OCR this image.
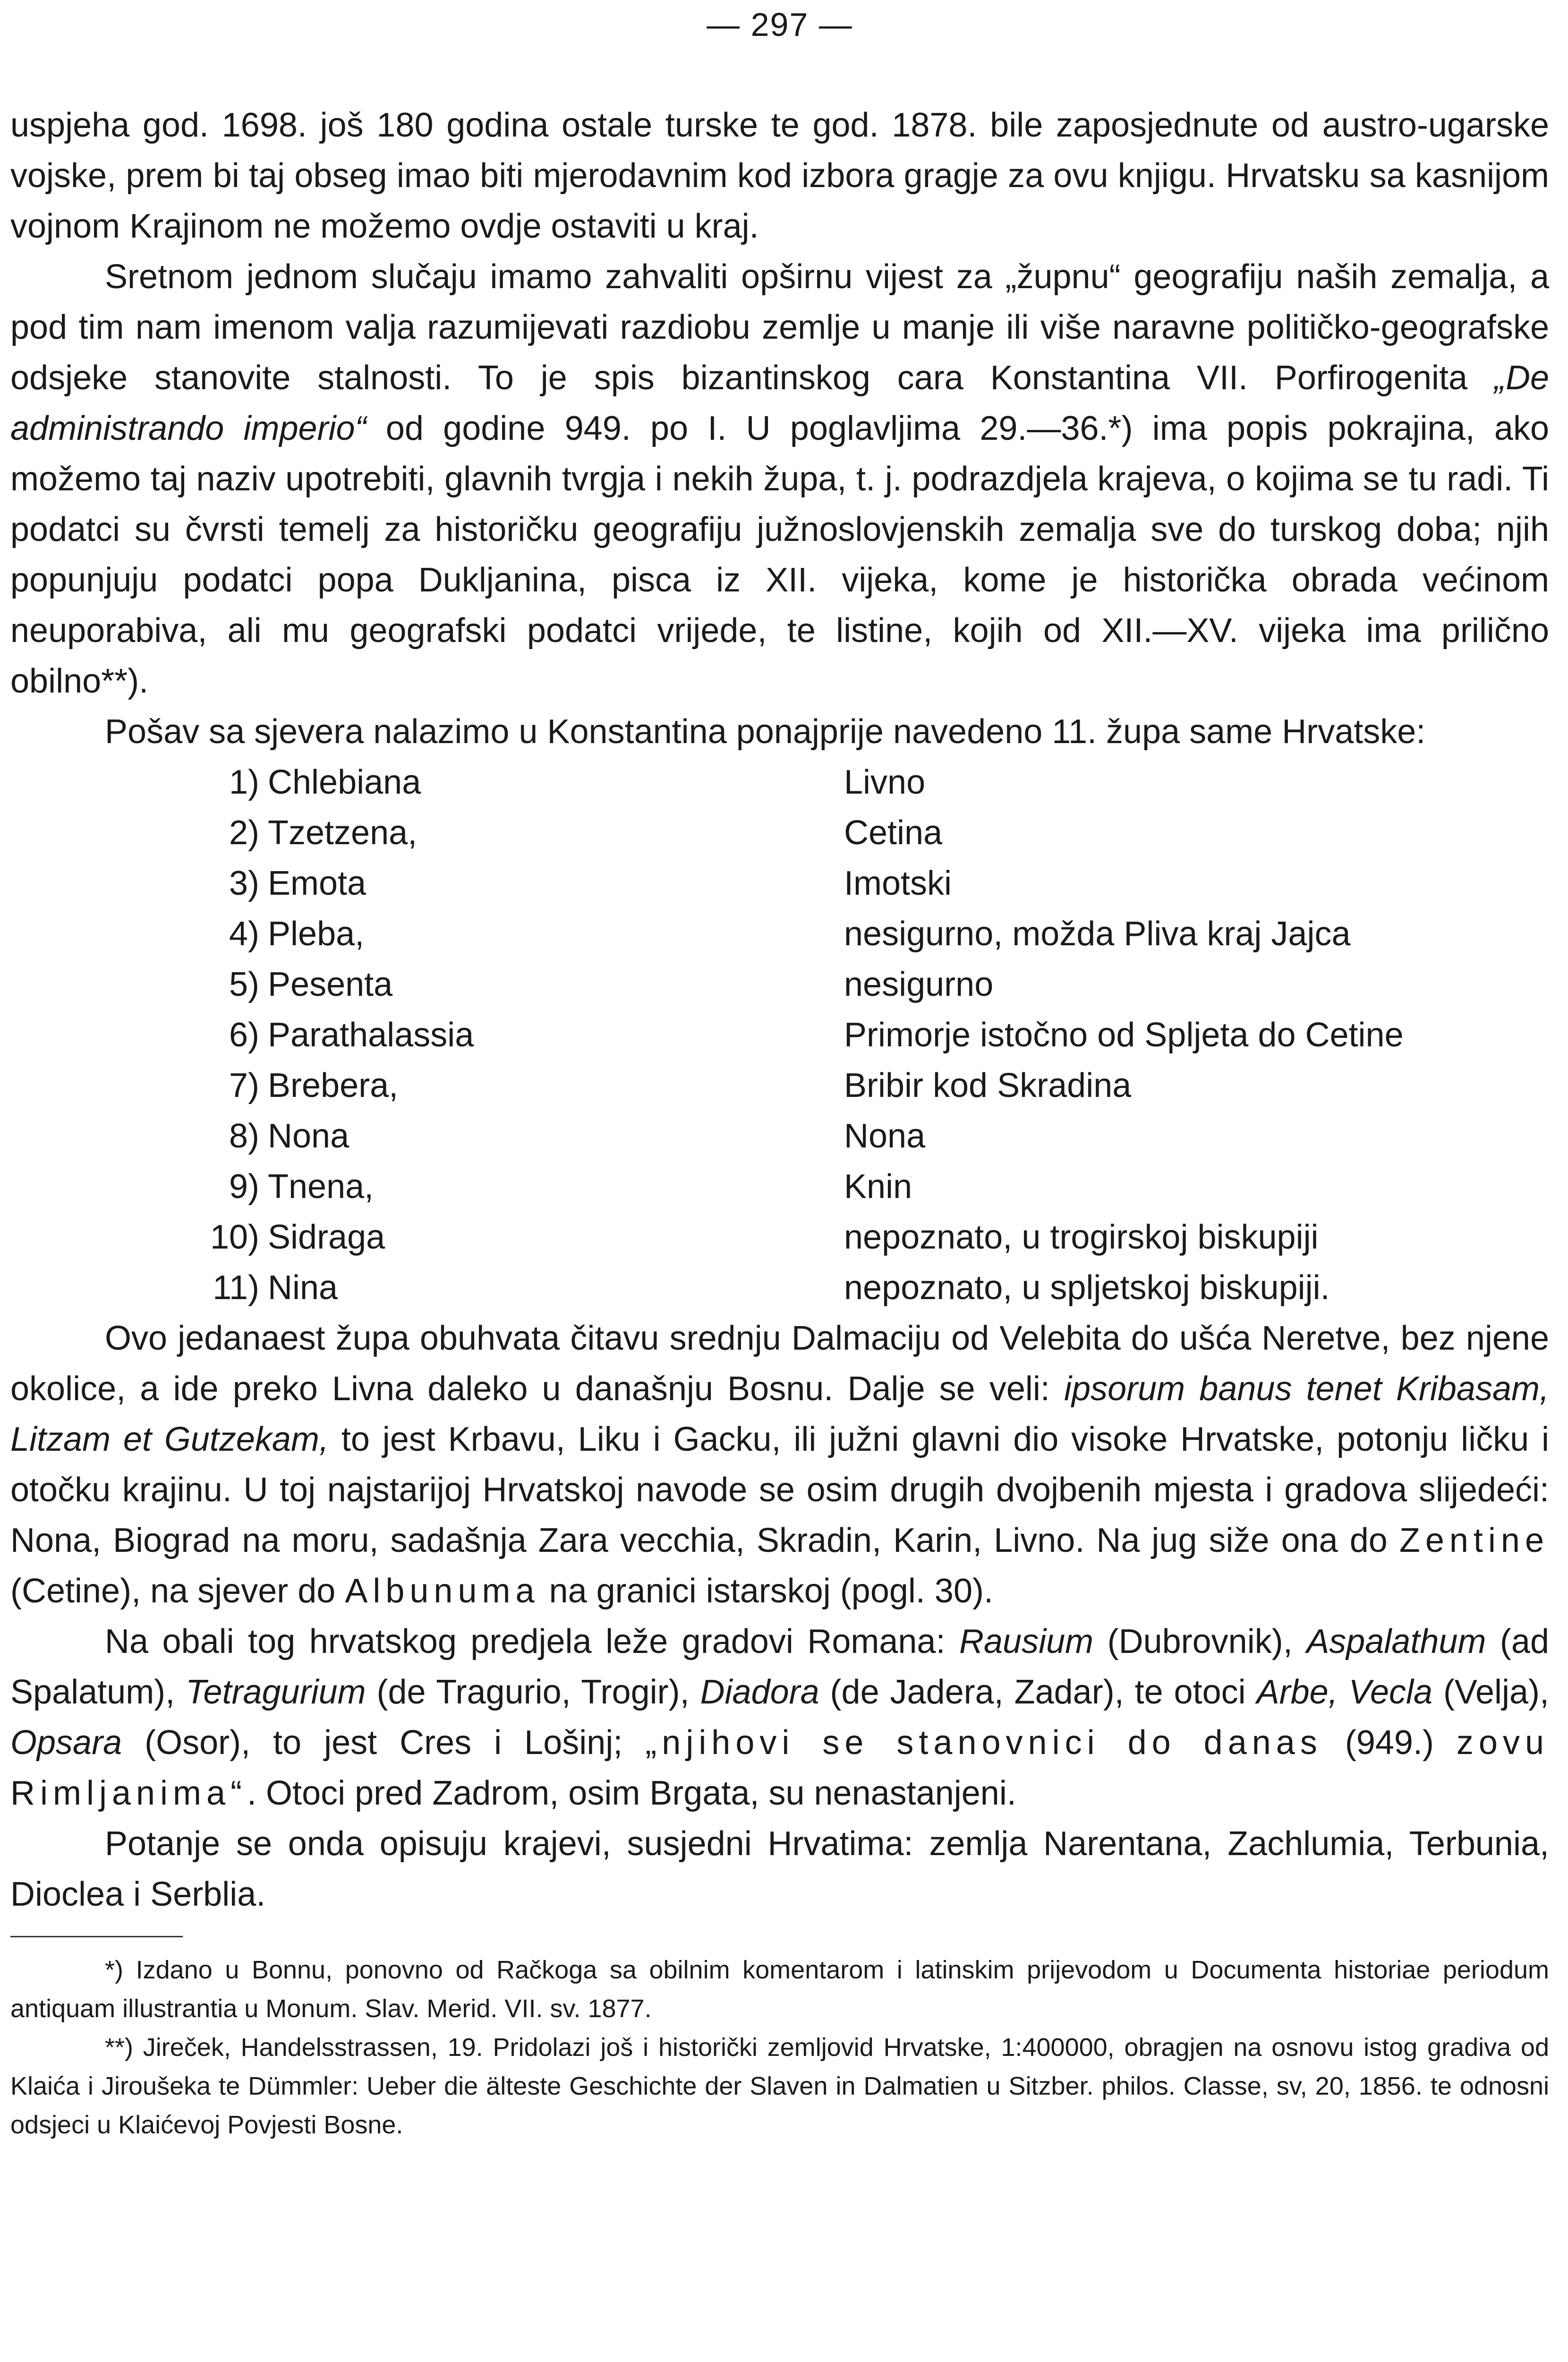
— 297 —

uspjeha god. 1698. još 180 godina ostale turske te god. 1878. bile zaposjednute od austro-ugarske vojske, prem bi taj obseg imao biti mjerodavnim kod izbora gragje za ovu knjigu. Hrvatsku sa kasnijom vojnom Krajinom ne možemo ovdje ostaviti u kraj.

Sretnom jednom slučaju imamo zahvaliti opširnu vijest za „župnu“ geografiju naših zemalja, a pod tim nam imenom valja razumijevati razdiobu zemlje u manje ili više naravne političko-geografske odsjeke stanovite stalnosti. To je spis bizantinskog cara Konstantina VII. Porfirogenita „De administrando imperio“ od godine 949. po I. U poglavljima 29.—36.*) ima popis pokrajina, ako možemo taj naziv upotrebiti, glavnih tvrgja i nekih župa, t. j. podrazdjela krajeva, o kojima se tu radi. Ti podatci su čvrsti temelj za historičku geografiju južnoslovjenskih zemalja sve do turskog doba; njih popunjuju podatci popa Dukljanina, pisca iz XII. vijeka, kome je historička obrada većinom neuporabiva, ali mu geografski podatci vrijede, te listine, kojih od XII.—XV. vijeka ima prilično obilno**).

Pošav sa sjevera nalazimo u Konstantina ponajprije navedeno 11. župa same Hrvatske:

1) Chlebiana	Livno
2) Tzetzena,	Cetina
3) Emota	Imotski
4) Pleba,	nesigurno, možda Pliva kraj Jajca
5) Pesenta	nesigurno
6) Parathalassia	Primorje istočno od Spljeta do Cetine
7) Brebera,	Bribir kod Skradina
8) Nona	Nona
9) Tnena,	Knin
10) Sidraga	nepoznato, u trogirskoj biskupiji
11) Nina	nepoznato, u spljetskoj biskupiji.

Ovo jedanaest župa obuhvata čitavu srednju Dalmaciju od Velebita do ušća Neretve, bez njene okolice, a ide preko Livna daleko u današnju Bosnu. Dalje se veli: ipsorum banus tenet Kribasam, Litzam et Gutzekam, to jest Krbavu, Liku i Gacku, ili južni glavni dio visoke Hrvatske, potonju ličku i otočku krajinu. U toj najstarijoj Hrvatskoj navode se osim drugih dvojbenih mjesta i gradova slijedeći: Nona, Biograd na moru, sadašnja Zara vecchia, Skradin, Karin, Livno. Na jug siže ona do Zentine (Cetine), na sjever do Albunuma na granici istarskoj (pogl. 30).

Na obali tog hrvatskog predjela leže gradovi Romana: Rausium (Dubrovnik), Aspalathum (ad Spalatum), Tetragurium (de Tragurio, Trogir), Diadora (de Jadera, Zadar), te otoci Arbe, Vecla (Velja), Opsara (Osor), to jest Cres i Lošinj; „njihovi se stanovnici do danas (949.) zovu Rimljanima“. Otoci pred Zadrom, osim Brgata, su nenastanjeni.

Potanje se onda opisuju krajevi, susjedni Hrvatima: zemlja Narentana, Zachlumia, Terbunia, Dioclea i Serblia.

*) Izdano u Bonnu, ponovno od Račkoga sa obilnim komentarom i latinskim prijevodom u Documenta historiae periodum antiquam illustrantia u Monum. Slav. Merid. VII. sv. 1877.

**) Jireček, Handelsstrassen, 19. Pridolazi još i historički zemljovid Hrvatske, 1:400000, obragjen na osnovu istog gradiva od Klaića i Jiroušeka te Dümmler: Ueber die älteste Geschichte der Slaven in Dalmatien u Sitzber. philos. Classe, sv, 20, 1856. te odnosni odsjeci u Klaićevoj Povjesti Bosne.
